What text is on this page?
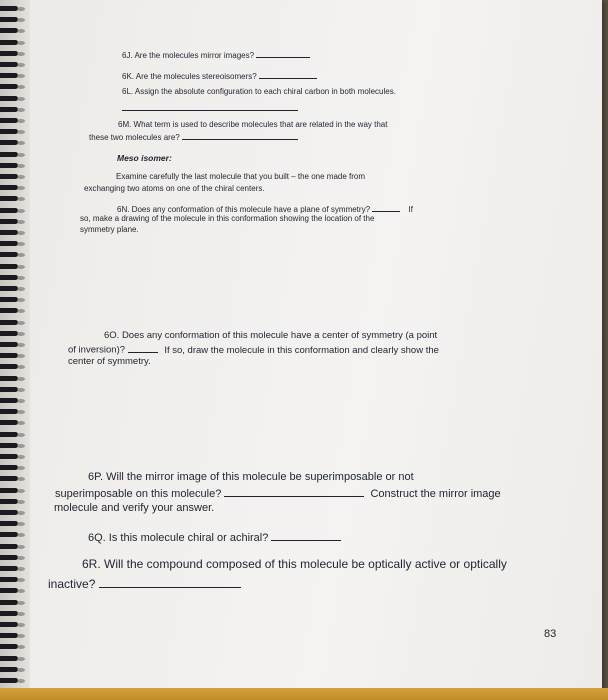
6J. Are the molecules mirror images?
6K. Are the molecules stereoisomers?
6L. Assign the absolute configuration to each chiral carbon in both molecules.
6M. What term is used to describe molecules that are related in the way that
these two molecules are?
Meso isomer:
Examine carefully the last molecule that you built – the one made from
exchanging two atoms on one of the chiral centers.
6N. Does any conformation of this molecule have a plane of symmetry?	If
so, make a drawing of the molecule in this conformation showing the location of the
symmetry plane.
6O. Does any conformation of this molecule have a center of symmetry (a point
of inversion)?	If so, draw the molecule in this conformation and clearly show the
center of symmetry.
6P. Will the mirror image of this molecule be superimposable or not
superimposable on this molecule?	Construct the mirror image
molecule and verify your answer.
6Q. Is this molecule chiral or achiral?
6R. Will the compound composed of this molecule be optically active or optically
inactive?
83
